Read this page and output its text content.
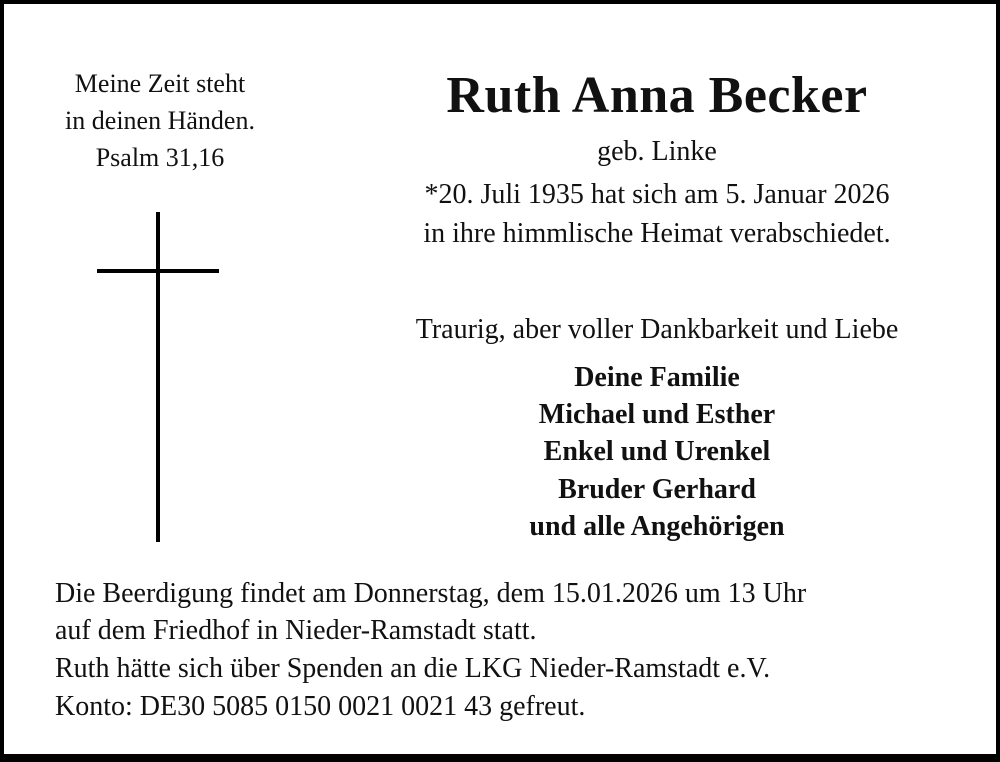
Meine Zeit steht
in deinen Händen.
Psalm 31,16
Ruth Anna Becker
geb. Linke
*20. Juli 1935 hat sich am 5. Januar 2026
in ihre himmlische Heimat verabschiedet.
Traurig, aber voller Dankbarkeit und Liebe
Deine Familie
Michael und Esther
Enkel und Urenkel
Bruder Gerhard
und alle Angehörigen
Die Beerdigung findet am Donnerstag, dem 15.01.2026 um 13 Uhr
auf dem Friedhof in Nieder-Ramstadt statt.
Ruth hätte sich über Spenden an die LKG Nieder-Ramstadt e.V.
Konto: DE30 5085 0150 0021 0021 43 gefreut.
